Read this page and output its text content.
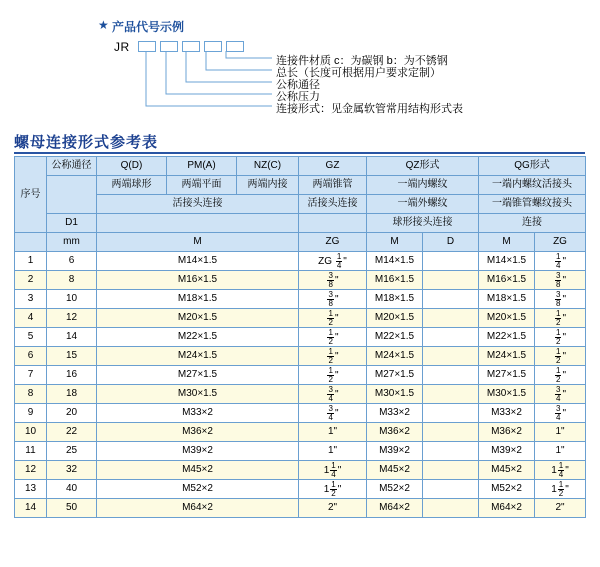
★ 产品代号示例
JR
连接件材质 c：为碳钢 b：为不锈钢
总长（长度可根据用户要求定制）
公称通径
公称压力
连接形式：见金属软管常用结构形式表
螺母连接形式参考表
序号	公称通径	Q(D)	PM(A)	NZ(C)	GZ	QZ形式		QG形式	
		两端球形	两端平面	两端内接	两端锥管	一端内螺纹		一端内螺纹活接头	
		活接头连接			活接头连接	一端外螺纹		一端锥管螺纹接头	
	D1					球形接头连接		连接	
	mm	M			ZG	M	D	M	ZG
1	6	M14×1.5			ZG $\frac{1}{4}$ "	M14×1.5		M14×1.5	$\frac{1}{4}$ "
2	8	M16×1.5			$\frac{3}{8}$ "	M16×1.5		M16×1.5	$\frac{3}{8}$ "
3	10	M18×1.5			$\frac{3}{8}$ "	M18×1.5		M18×1.5	$\frac{3}{8}$ "
4	12	M20×1.5			$\frac{1}{2}$ "	M20×1.5		M20×1.5	$\frac{1}{2}$ "
5	14	M22×1.5			$\frac{1}{2}$ "	M22×1.5		M22×1.5	$\frac{1}{2}$ "
6	15	M24×1.5			$\frac{1}{2}$ "	M24×1.5		M24×1.5	$\frac{1}{2}$ "
7	16	M27×1.5			$\frac{1}{2}$ "	M27×1.5		M27×1.5	$\frac{1}{2}$ "
8	18	M30×1.5			$\frac{3}{4}$ "	M30×1.5		M30×1.5	$\frac{3}{4}$ "
9	20	M33×2			$\frac{3}{4}$ "	M33×2		M33×2	$\frac{3}{4}$ "
10	22	M36×2			1"	M36×2		M36×2	1"
11	25	M39×2			1"	M39×2		M39×2	1"
12	32	M45×2			$1 \frac{1}{4}$ "	M45×2		M45×2	$1 \frac{1}{4}$ "
13	40	M52×2			$1 \frac{1}{2}$ "	M52×2		M52×2	$1 \frac{1}{2}$ "
14	50	M64×2			2"	M64×2		M64×2	2"
